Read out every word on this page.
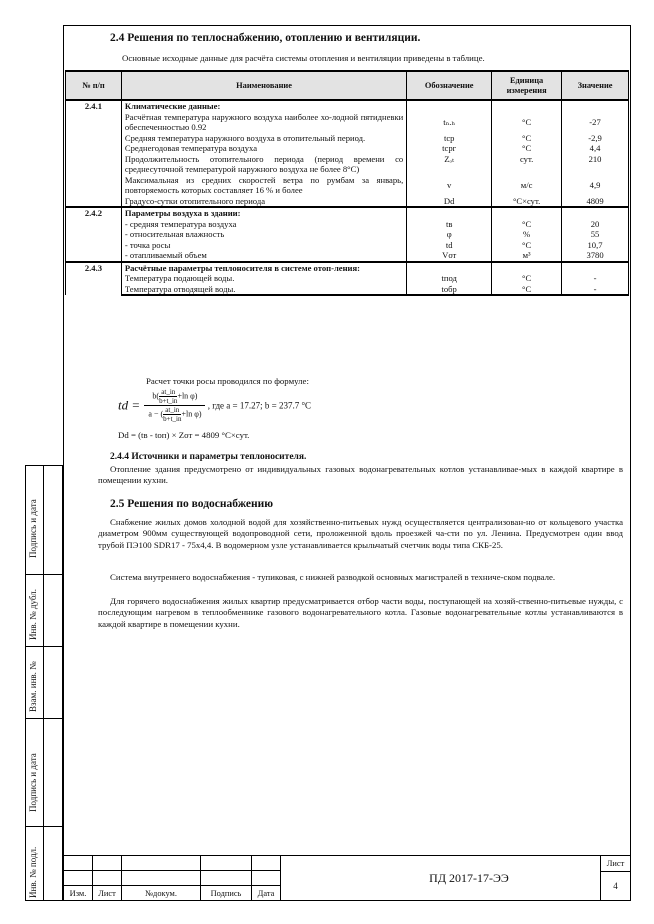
Подпись и дата
Инв. № дубл.
Взам. инв. №
Подпись и дата
Инв. № подл.
2.4 Решения по теплоснабжению, отоплению и вентиляции.

Основные исходные данные для расчёта системы отопления и вентиляции приведены в таблице.

№ п/п	Наименование	Обозначение	Единица измерения	Значение
2.4.1	Климатические данные:			
	Расчётная температура наружного воздуха наиболее хо-лодной пятидневки обеспеченностью 0.92	tₙ.ₕ	°С	-27
	Средняя температура наружного воздуха в отопительный период.	tср	°С	-2,9
	Среднегодовая температура воздуха	tсрг	°С	4,4
	Продолжительность отопительного периода (период времени со среднесуточной температурой наружного воздуха не более 8°С)	Zₒₜ	сут.	210
	Максимальная из средних скоростей ветра по румбам за январь, повторяемость которых составляет 16 % и более	v	м/с	4,9
	Градусо-сутки отопительного периода	Dd	°С×сут.	4809
2.4.2	Параметры воздуха в здании:			
	- средняя температура воздуха	tв	°С	20
	- относительная влажность	φ	%	55
	- точка росы	td	°С	10,7
	- отапливаемый объем	Vот	м³	3780
2.4.3	Расчётные параметры теплоносителя в системе отоп-ления:			
	Температура подающей воды.	tпод	°С	-
	Температура отводящей воды.	tобр	°С	-

Расчет точки росы проводился по формуле:

td = $\frac{b( \frac{at\_in}{b+t\_in} +\ln \varphi)}{a - ( \frac{at\_in}{b+t\_in} +\ln \varphi)}$ , где a = 17.27; b = 237.7 °С

Dd = (tв - tоп) × Zот = 4809 °С×сут.

2.4.4 Источники и параметры теплоносителя.

Отопление здания предусмотрено от индивидуальных газовых водонагревательных котлов устанавливае-мых в каждой квартире в помещении кухни.

2.5 Решения по водоснабжению

Снабжение жилых домов холодной водой для хозяйственно-питьевых нужд осуществляется централизован-но от кольцевого участка диаметром 900мм существующей водопроводной сети, проложенной вдоль проезжей ча-сти по ул. Ленина. Предусмотрен один ввод трубой ПЭ100 SDR17 - 75х4,4. В водомерном узле устанавливается крыльчатый счетчик воды типа СКБ-25.

Система внутреннего водоснабжения - тупиковая, с нижней разводкой основных магистралей в техниче-ском подвале.

Для горячего водоснабжения жилых квартир предусматривается отбор части воды, поступающей на хозяй-ственно-питьевые нужды, с последующим нагревом в теплообменнике газового водонагревательного котла. Газовые водонагревательные котлы устанавливаются в каждой квартире в помещении кухни.

Изм.	Лист	№докум.	Подпись	Дата
ПД 2017-17-ЭЭ
Лист
4
